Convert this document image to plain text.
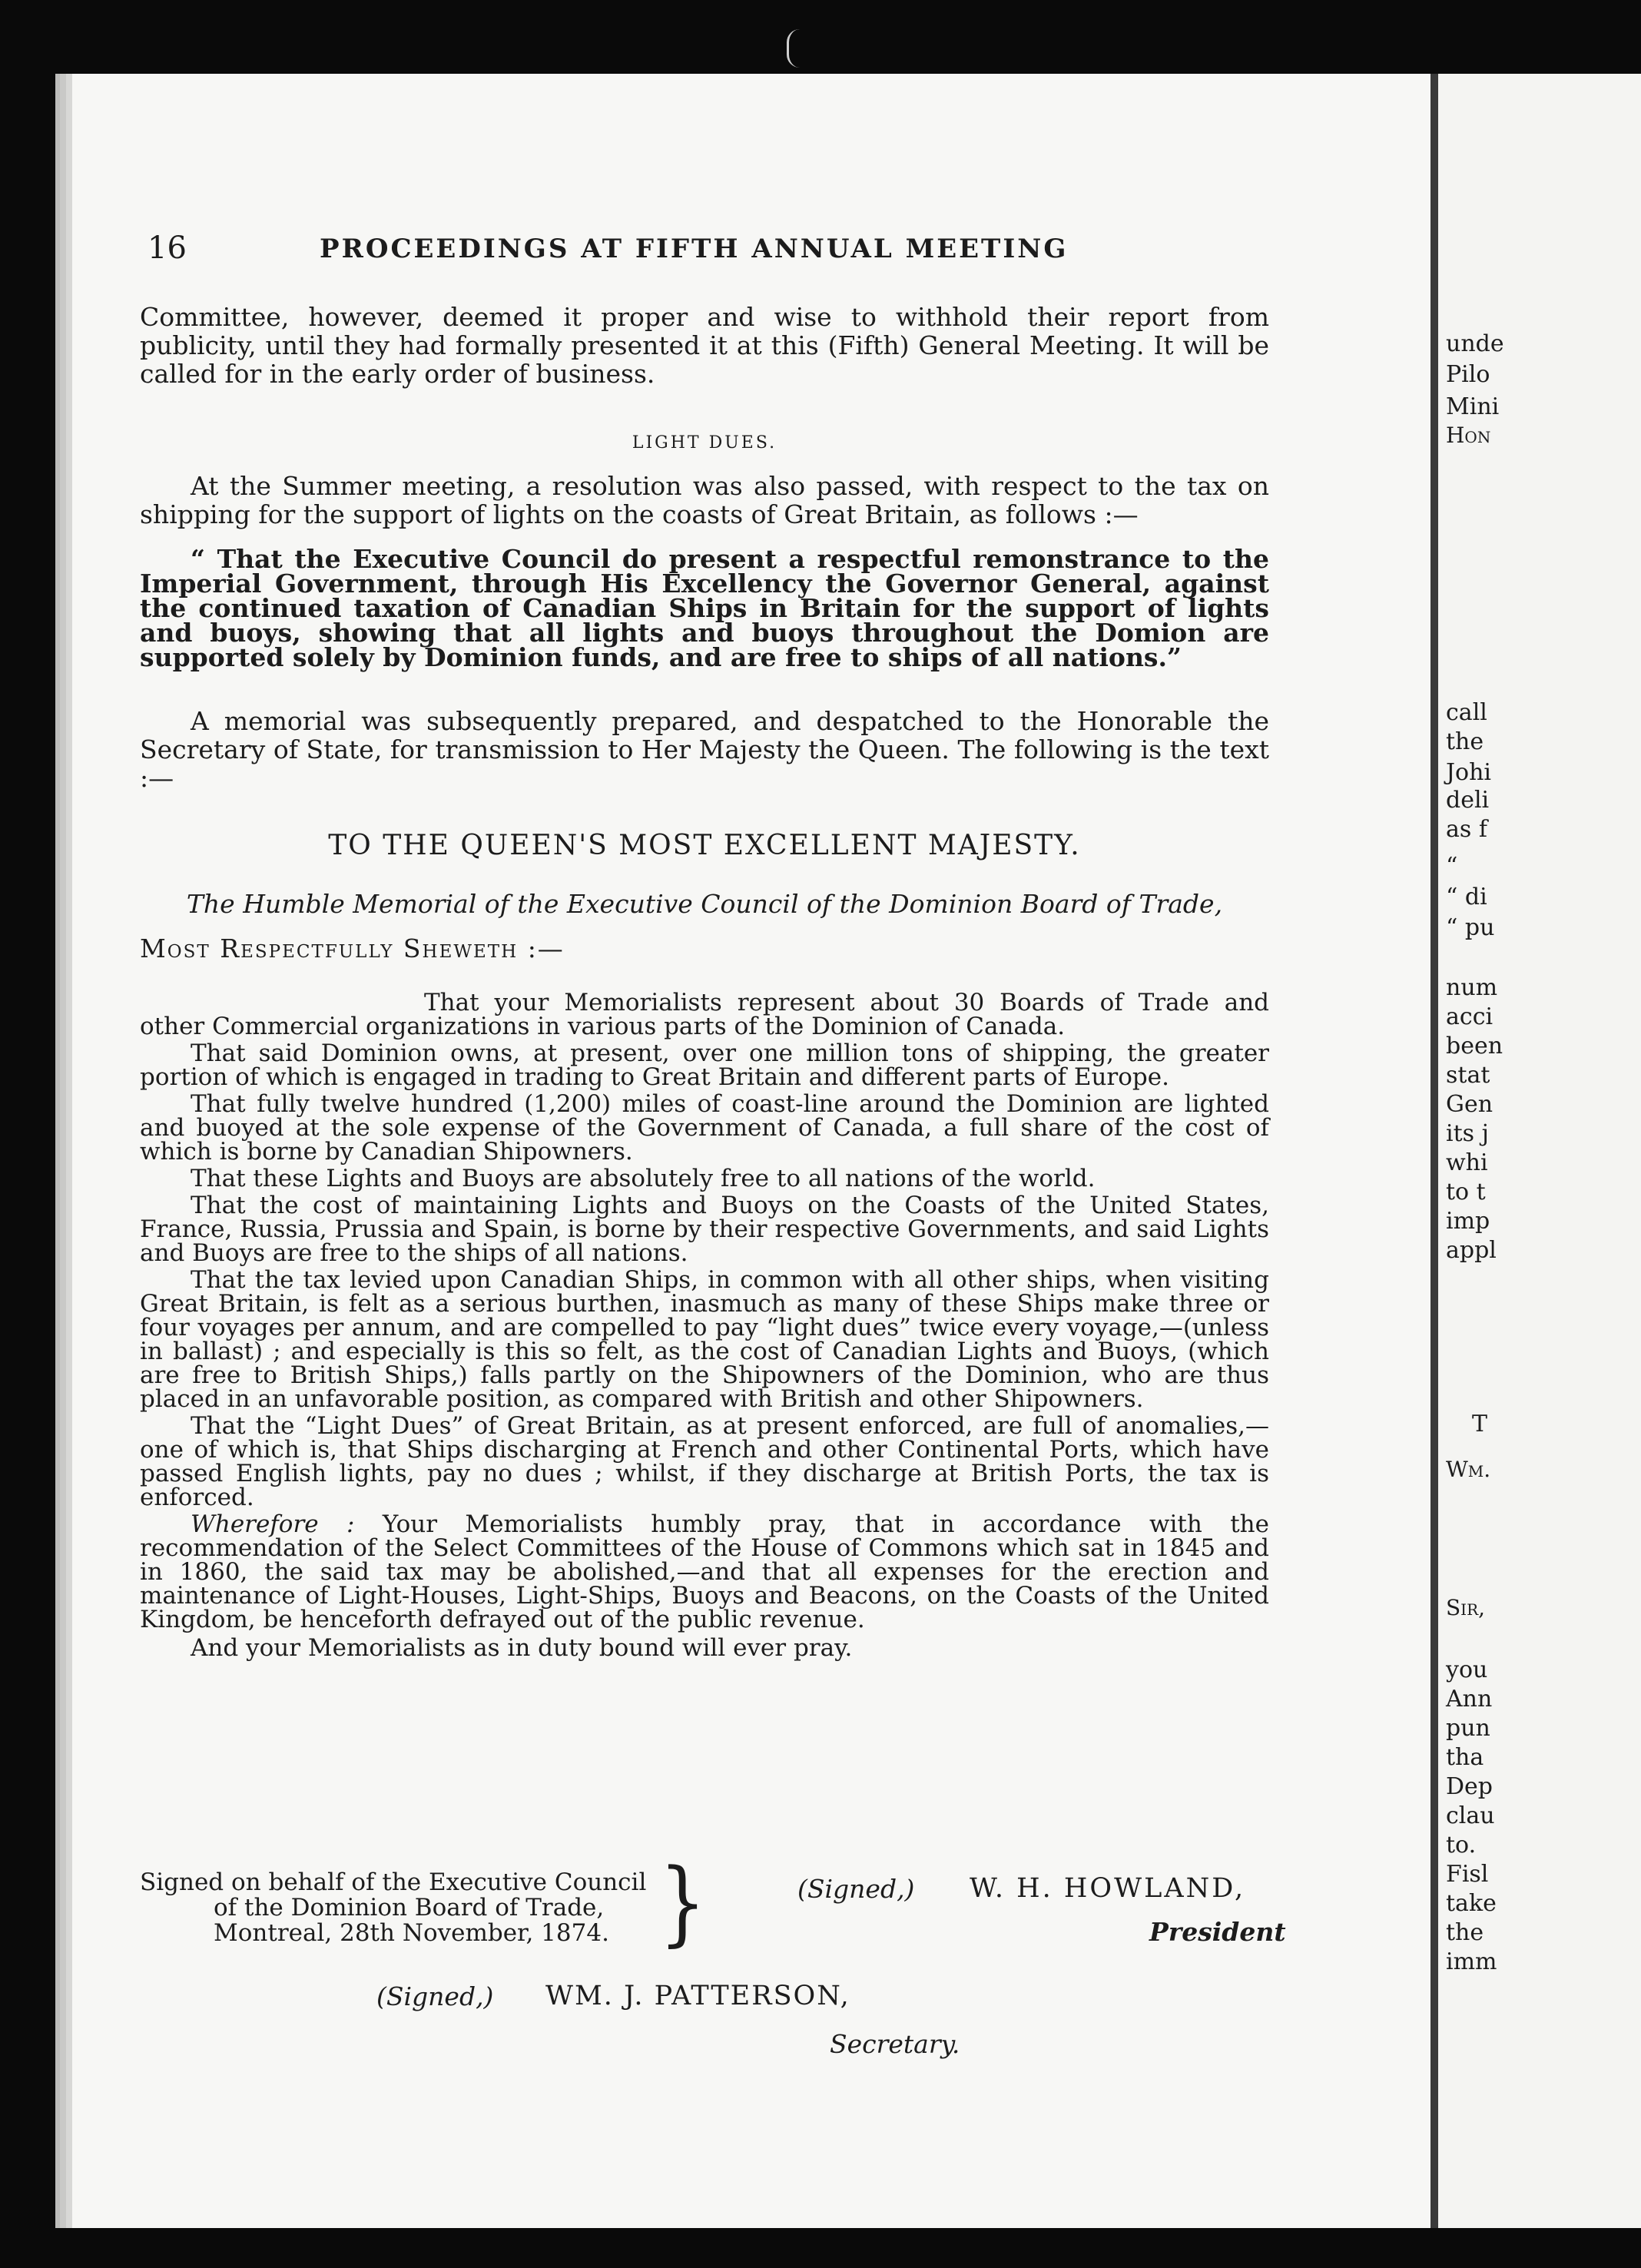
unde
Pilo
Mini
Hon
call
the
Johi
deli
as f
“
“ di
“ pu
num
acci
been
stat
Gen
its j
whi
to t
imp
appl
T
Wm.
Sir,
you
Ann
pun
tha
Dep
clau
to.
Fisl
take
the
imm
16	PROCEEDINGS AT FIFTH ANNUAL MEETING

Committee, however, deemed it proper and wise to withhold their report from publicity, until they had formally presented it at this (Fifth) General Meeting. It will be called for in the early order of business.

LIGHT DUES.

At the Summer meeting, a resolution was also passed, with respect to the tax on shipping for the support of lights on the coasts of Great Britain, as follows :—

“ That the Executive Council do present a respectful remonstrance to the Imperial Government, through His Excellency the Governor General, against the continued taxation of Canadian Ships in Britain for the support of lights and buoys, showing that all lights and buoys throughout the Domion are supported solely by Dominion funds, and are free to ships of all nations.”

A memorial was subsequently prepared, and despatched to the Honorable the Secretary of State, for transmission to Her Majesty the Queen. The following is the text :—

TO THE QUEEN'S MOST EXCELLENT MAJESTY.

The Humble Memorial of the Executive Council of the Dominion Board of Trade,

Most Respectfully Sheweth :—

That your Memorialists represent about 30 Boards of Trade and other Commercial organizations in various parts of the Dominion of Canada.

That said Dominion owns, at present, over one million tons of shipping, the greater portion of which is engaged in trading to Great Britain and different parts of Europe.

That fully twelve hundred (1,200) miles of coast-line around the Dominion are lighted and buoyed at the sole expense of the Government of Canada, a full share of the cost of which is borne by Canadian Shipowners.

That these Lights and Buoys are absolutely free to all nations of the world.

That the cost of maintaining Lights and Buoys on the Coasts of the United States, France, Russia, Prussia and Spain, is borne by their respective Governments, and said Lights and Buoys are free to the ships of all nations.

That the tax levied upon Canadian Ships, in common with all other ships, when visiting Great Britain, is felt as a serious burthen, inasmuch as many of these Ships make three or four voyages per annum, and are compelled to pay “light dues” twice every voyage,—(unless in ballast) ; and especially is this so felt, as the cost of Canadian Lights and Buoys, (which are free to British Ships,) falls partly on the Shipowners of the Dominion, who are thus placed in an unfavorable position, as compared with British and other Shipowners.

That the “Light Dues” of Great Britain, as at present enforced, are full of anomalies,—one of which is, that Ships discharging at French and other Continental Ports, which have passed English lights, pay no dues ; whilst, if they discharge at British Ports, the tax is enforced.

Wherefore : Your Memorialists humbly pray, that in accordance with the recommendation of the Select Committees of the House of Commons which sat in 1845 and in 1860, the said tax may be abolished,—and that all expenses for the erection and maintenance of Light-Houses, Light-Ships, Buoys and Beacons, on the Coasts of the United Kingdom, be henceforth defrayed out of the public revenue.

And your Memorialists as in duty bound will ever pray.

Signed on behalf of the Executive Council
of the Dominion Board of Trade,
Montreal, 28th November, 1874. }	(Signed,) W. H. HOWLAND,
President
(Signed,) WM. J. PATTERSON,
Secretary.
